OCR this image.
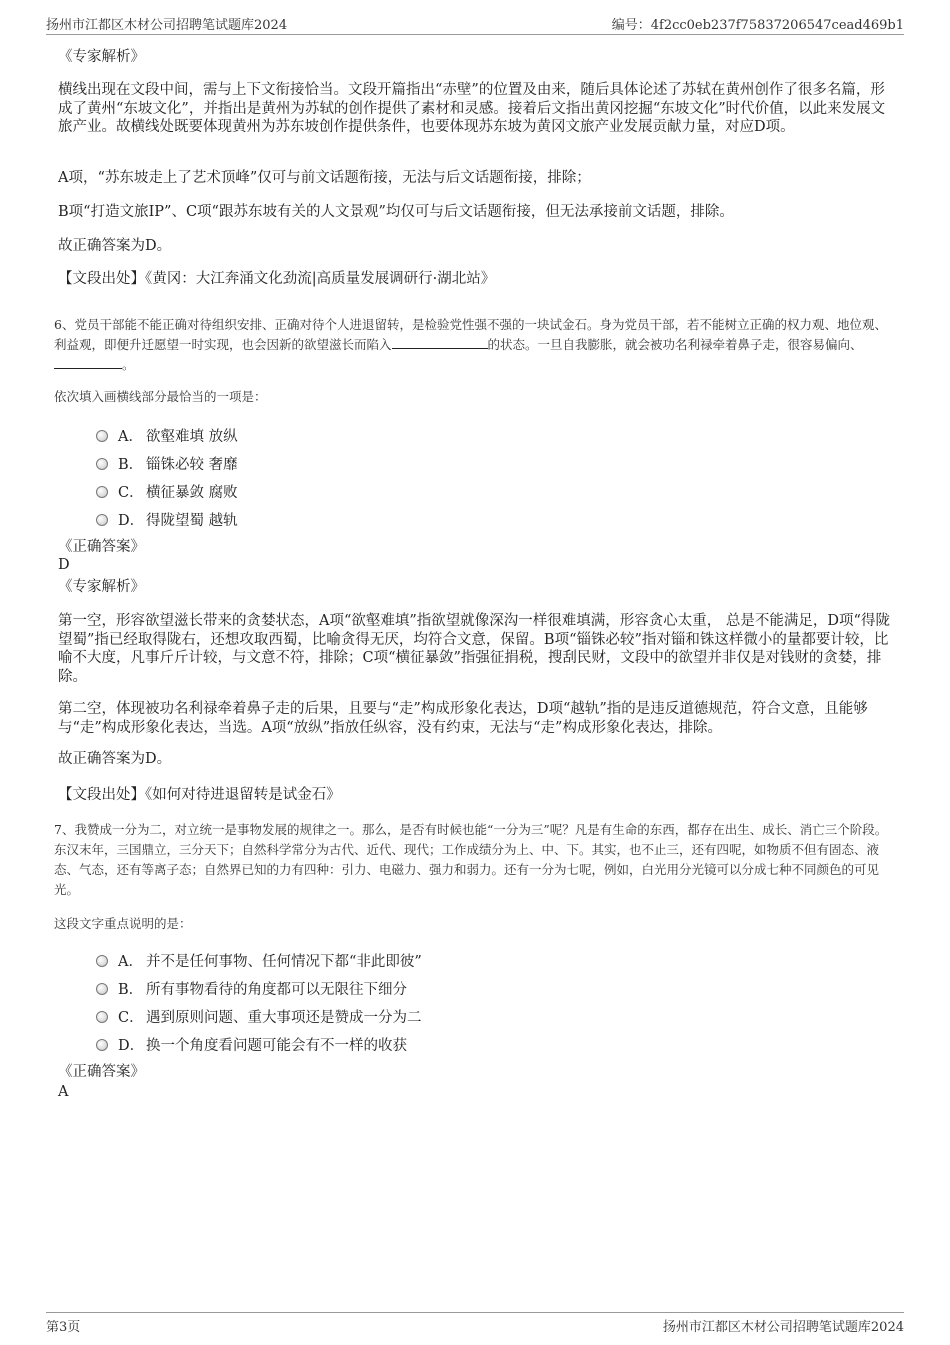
扬州市江都区木材公司招聘笔试题库2024	编号：4f2cc0eb237f75837206547cead469b1
《专家解析》
横线出现在文段中间，需与上下文衔接恰当。文段开篇指出“赤壁”的位置及由来，随后具体论述了苏轼在黄州创作了很多名篇，形成了黄州“东坡文化”，并指出是黄州为苏轼的创作提供了素材和灵感。接着后文指出黄冈挖掘“东坡文化”时代价值，以此来发展文旅产业。故横线处既要体现黄州为苏东坡创作提供条件，也要体现苏东坡为黄冈文旅产业发展贡献力量，对应D项。
A项，“苏东坡走上了艺术顶峰”仅可与前文话题衔接，无法与后文话题衔接，排除；
B项“打造文旅IP”、C项“跟苏东坡有关的人文景观”均仅可与后文话题衔接，但无法承接前文话题，排除。
故正确答案为D。
【文段出处】《黄冈：大江奔涌文化劲流|高质量发展调研行·湖北站》
6、党员干部能不能正确对待组织安排、正确对待个人进退留转，是检验党性强不强的一块试金石。身为党员干部，若不能树立正确的权力观、地位观、利益观，即便升迁愿望一时实现，也会因新的欲望滋长而陷入	的状态。一旦自我膨胀，就会被功名利禄牵着鼻子走，很容易偏向、。
依次填入画横线部分最恰当的一项是：
A． 欲壑难填 放纵
B． 锱铢必较 奢靡
C． 横征暴敛 腐败
D． 得陇望蜀 越轨
《正确答案》
D
《专家解析》
第一空，形容欲望滋长带来的贪婪状态，A项“欲壑难填”指欲望就像深沟一样很难填满，形容贪心太重， 总是不能满足，D项“得陇望蜀”指已经取得陇右，还想攻取西蜀，比喻贪得无厌，均符合文意，保留。B项“锱铢必较”指对锱和铢这样微小的量都要计较，比喻不大度，凡事斤斤计较，与文意不符，排除；C项“横征暴敛”指强征捐税，搜刮民财，文段中的欲望并非仅是对钱财的贪婪，排除。
第二空，体现被功名利禄牵着鼻子走的后果，且要与“走”构成形象化表达，D项“越轨”指的是违反道德规范，符合文意，且能够与“走”构成形象化表达，当选。A项“放纵”指放任纵容，没有约束，无法与“走”构成形象化表达，排除。
故正确答案为D。
【文段出处】《如何对待进退留转是试金石》
7、我赞成一分为二，对立统一是事物发展的规律之一。那么，是否有时候也能“一分为三”呢？凡是有生命的东西，都存在出生、成长、消亡三个阶段。东汉末年，三国鼎立，三分天下；自然科学常分为古代、近代、现代；工作成绩分为上、中、下。其实，也不止三，还有四呢，如物质不但有固态、液态、气态，还有等离子态；自然界已知的力有四种：引力、电磁力、强力和弱力。还有一分为七呢，例如，白光用分光镜可以分成七种不同颜色的可见光。
这段文字重点说明的是：
A． 并不是任何事物、任何情况下都“非此即彼”
B． 所有事物看待的角度都可以无限往下细分
C． 遇到原则问题、重大事项还是赞成一分为二
D． 换一个角度看问题可能会有不一样的收获
《正确答案》
A
第3页	扬州市江都区木材公司招聘笔试题库2024
